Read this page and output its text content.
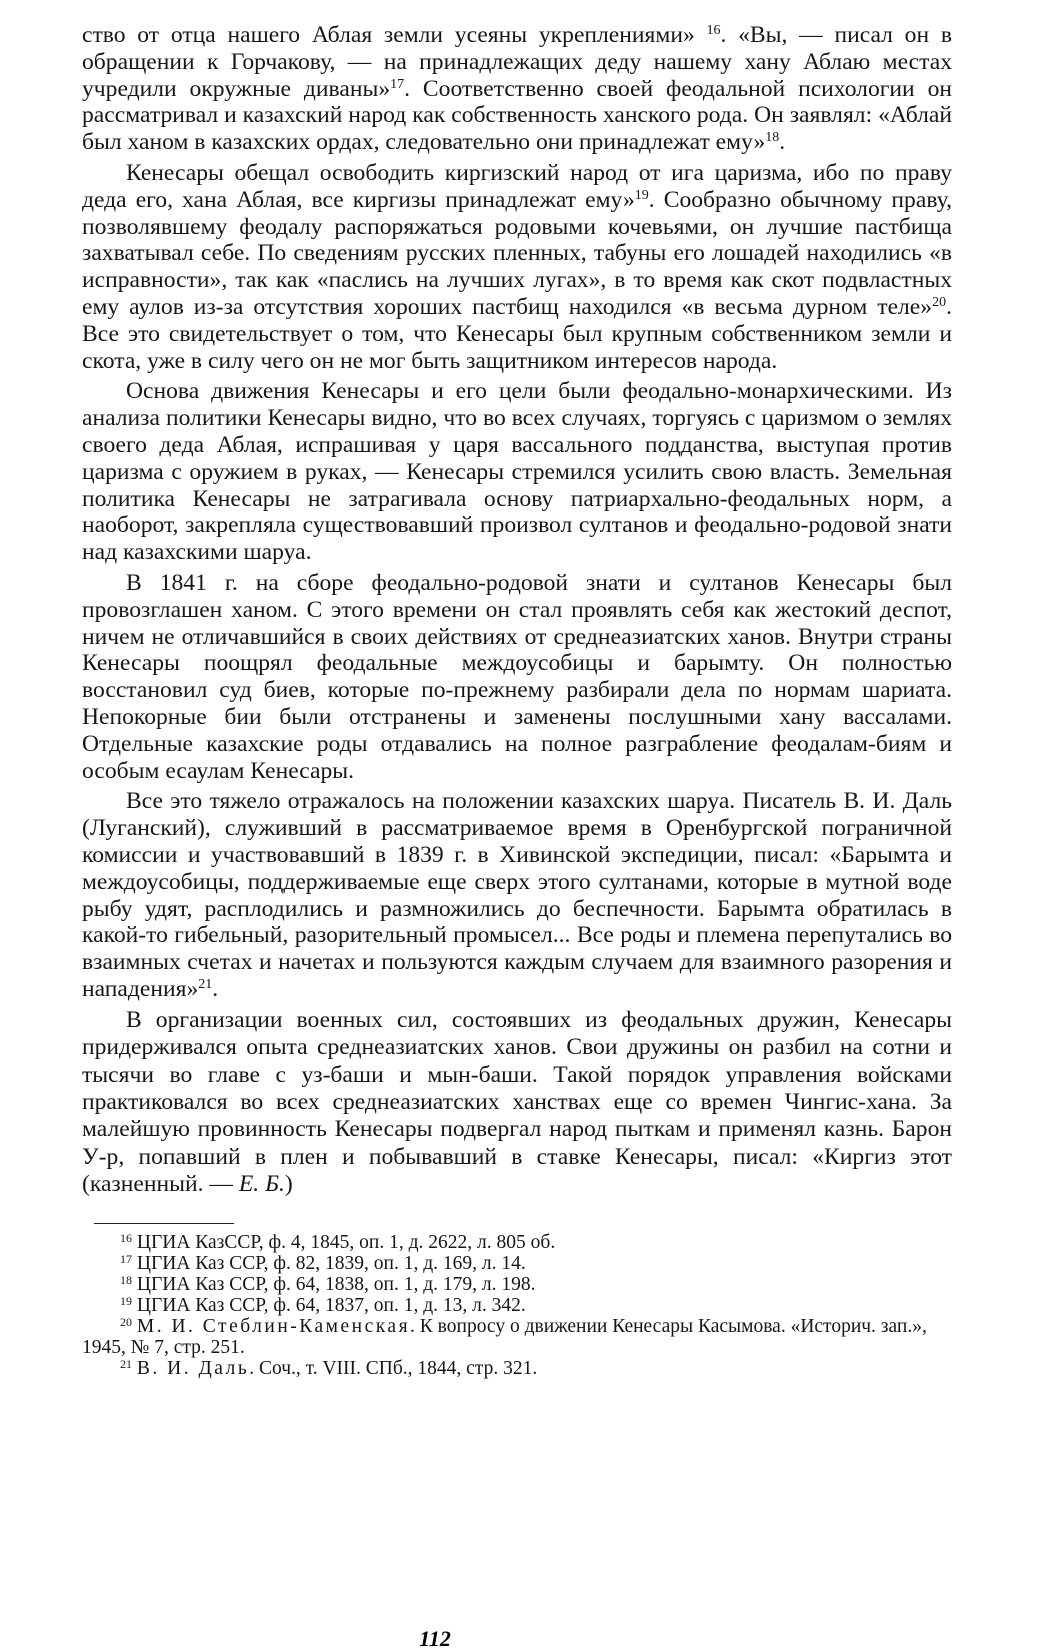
ство от отца нашего Аблая земли усеяны укреплениями» $^{16}$. «Вы, — писал он в обращении к Горчакову, — на принадлежащих деду нашему хану Аблаю местах учредили окружные диваны»$^{17}$. Соответственно своей феодальной психологии он рассматривал и казахский народ как собственность ханского рода. Он заявлял: «Аблай был ханом в казахских ордах, следовательно они принадлежат ему»$^{18}$.

Кенесары обещал освободить киргизский народ от ига царизма, ибо по праву деда его, хана Аблая, все киргизы принадлежат ему»$^{19}$. Сообразно обычному праву, позволявшему феодалу распоряжаться родовыми кочевьями, он лучшие пастбища захватывал себе. По сведениям русских пленных, табуны его лошадей находились «в исправности», так как «паслись на лучших лугах», в то время как скот подвластных ему аулов из-за отсутствия хороших пастбищ находился «в весьма дурном теле»$^{20}$. Все это свидетельствует о том, что Кенесары был крупным собственником земли и скота, уже в силу чего он не мог быть защитником интересов народа.

Основа движения Кенесары и его цели были феодально-монархическими. Из анализа политики Кенесары видно, что во всех случаях, торгуясь с царизмом о землях своего деда Аблая, испрашивая у царя вассального подданства, выступая против царизма с оружием в руках, — Кенесары стремился усилить свою власть. Земельная политика Кенесары не затрагивала основу патриархально-феодальных норм, а наоборот, закрепляла существовавший произвол султанов и феодально-родовой знати над казахскими шаруа.

В 1841 г. на сборе феодально-родовой знати и султанов Кенесары был провозглашен ханом. С этого времени он стал проявлять себя как жестокий деспот, ничем не отличавшийся в своих действиях от среднеазиатских ханов. Внутри страны Кенесары поощрял феодальные междоусобицы и барымту. Он полностью восстановил суд биев, которые по-прежнему разбирали дела по нормам шариата. Непокорные бии были отстранены и заменены послушными хану вассалами. Отдельные казахские роды отдавались на полное разграбление феодалам-биям и особым есаулам Кенесары.

Все это тяжело отражалось на положении казахских шаруа. Писатель В. И. Даль (Луганский), служивший в рассматриваемое время в Оренбургской пограничной комиссии и участвовавший в 1839 г. в Хивинской экспедиции, писал: «Барымта и междоусобицы, поддерживаемые еще сверх этого султанами, которые в мутной воде рыбу удят, расплодились и размножились до беспечности. Барымта обратилась в какой-то гибельный, разорительный промысел... Все роды и племена перепутались во взаимных счетах и начетах и пользуются каждым случаем для взаимного разорения и нападения»$^{21}$.

В организации военных сил, состоявших из феодальных дружин, Кенесары придерживался опыта среднеазиатских ханов. Свои дружины он разбил на сотни и тысячи во главе с уз-баши и мын-баши. Такой порядок управления войсками практиковался во всех среднеазиатских ханствах еще со времен Чингис-хана. За малейшую провинность Кенесары подвергал народ пыткам и применял казнь. Барон У-р, попавший в плен и побывавший в ставке Кенесары, писал: «Киргиз этот (казненный. — Е. Б.)

$^{16}$ ЦГИА КазССР, ф. 4, 1845, оп. 1, д. 2622, л. 805 об.

$^{17}$ ЦГИА Каз ССР, ф. 82, 1839, оп. 1, д. 169, л. 14.

$^{18}$ ЦГИА Каз ССР, ф. 64, 1838, оп. 1, д. 179, л. 198.

$^{19}$ ЦГИА Каз ССР, ф. 64, 1837, оп. 1, д. 13, л. 342.

$^{20}$ М. И. Стеблин-Каменская. К вопросу о движении Кенесары Касымова. «Историч. зап.», 1945, № 7, стр. 251.

$^{21}$ В. И. Даль. Соч., т. VIII. СПб., 1844, стр. 321.

112
